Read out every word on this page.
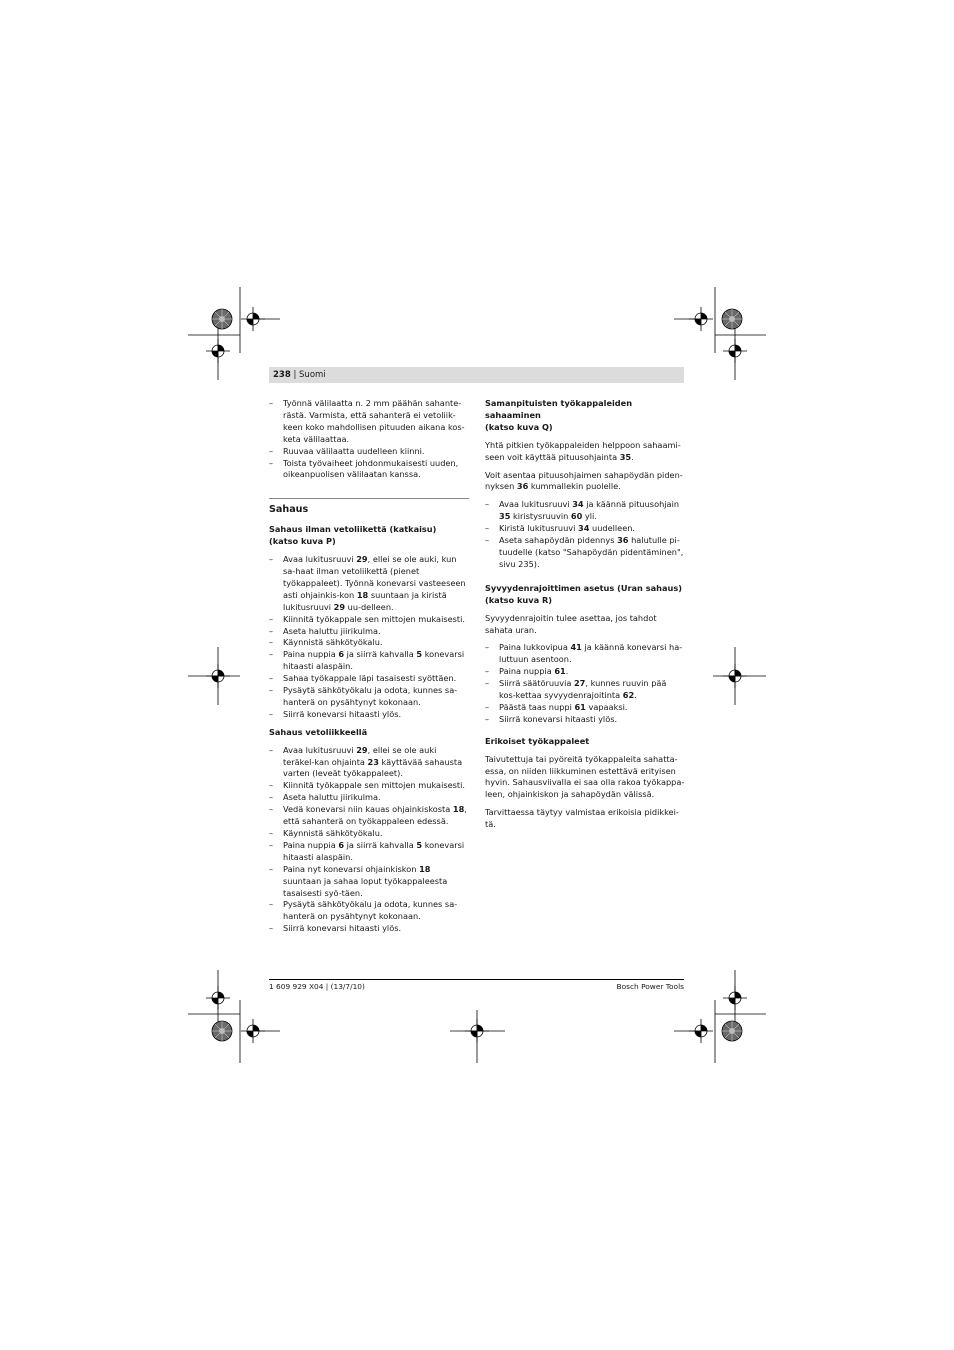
238 | Suomi
– Työnnä välilaatta n. 2 mm päähän sahante-rästä. Varmista, että sahanterä ei vetoliik-keen koko mahdollisen pituuden aikana kos-keta välilaattaa.
– Ruuvaa välilaatta uudelleen kiinni.
– Toista työvaiheet johdonmukaisesti uuden, oikeanpuolisen välilaatan kanssa.
Sahaus
Sahaus ilman vetoliikettä (katkaisu)
(katso kuva P)
– Avaa lukitusruuvi 29, ellei se ole auki, kun sa-haat ilman vetoliikettä (pienet työkappaleet). Työnnä konevarsi vasteeseen asti ohjainkis-kon 18 suuntaan ja kiristä lukitusruuvi 29 uu-delleen.
– Kiinnitä työkappale sen mittojen mukaisesti.
– Aseta haluttu jiirikulma.
– Käynnistä sähkötyökalu.
– Paina nuppia 6 ja siirrä kahvalla 5 konevarsi hitaasti alaspäin.
– Sahaa työkappale läpi tasaisesti syöttäen.
– Pysäytä sähkötyökalu ja odota, kunnes sa-hanterä on pysähtynyt kokonaan.
– Siirrä konevarsi hitaasti ylös.
Sahaus vetoliikkeellä
– Avaa lukitusruuvi 29, ellei se ole auki teräkel-kan ohjainta 23 käyttävää sahausta varten (leveät työkappaleet).
– Kiinnitä työkappale sen mittojen mukaisesti.
– Aseta haluttu jiirikulma.
– Vedä konevarsi niin kauas ohjainkiskosta 18, että sahanterä on työkappaleen edessä.
– Käynnistä sähkötyökalu.
– Paina nuppia 6 ja siirrä kahvalla 5 konevarsi hitaasti alaspäin.
– Paina nyt konevarsi ohjainkiskon 18 suuntaan ja sahaa loput työkappaleesta tasaisesti syö-täen.
– Pysäytä sähkötyökalu ja odota, kunnes sa-hanterä on pysähtynyt kokonaan.
– Siirrä konevarsi hitaasti ylös.
Samanpituisten työkappaleiden sahaaminen
(katso kuva Q)

Yhtä pitkien työkappaleiden helppoon sahaami-seen voit käyttää pituusohjainta 35.

Voit asentaa pituusohjaimen sahapöydän piden-nyksen 36 kummallekin puolelle.

– Avaa lukitusruuvi 34 ja käännä pituusohjain 35 kiristysruuvin 60 yli.
– Kiristä lukitusruuvi 34 uudelleen.
– Aseta sahapöydän pidennys 36 halutulle pi-tuudelle (katso "Sahapöydän pidentäminen", sivu 235).
Syvyydenrajoittimen asetus (Uran sahaus)
(katso kuva R)

Syvyydenrajoitin tulee asettaa, jos tahdot sahata uran.

– Paina lukkovipua 41 ja käännä konevarsi ha-luttuun asentoon.
– Paina nuppia 61.
– Siirrä säätöruuvia 27, kunnes ruuvin pää kos-kettaa syvyydenrajoitinta 62.
– Päästä taas nuppi 61 vapaaksi.
– Siirrä konevarsi hitaasti ylös.
Erikoiset työkappaleet

Taivutettuja tai pyöreitä työkappaleita sahatta-essa, on niiden liikkuminen estettävä erityisen hyvin. Sahausviivalla ei saa olla rakoa työkappa-leen, ohjainkiskon ja sahapöydän välissä.

Tarvittaessa täytyy valmistaa erikoisia pidikkei-tä.

1 609 929 X04 | (13/7/10)	Bosch Power Tools
